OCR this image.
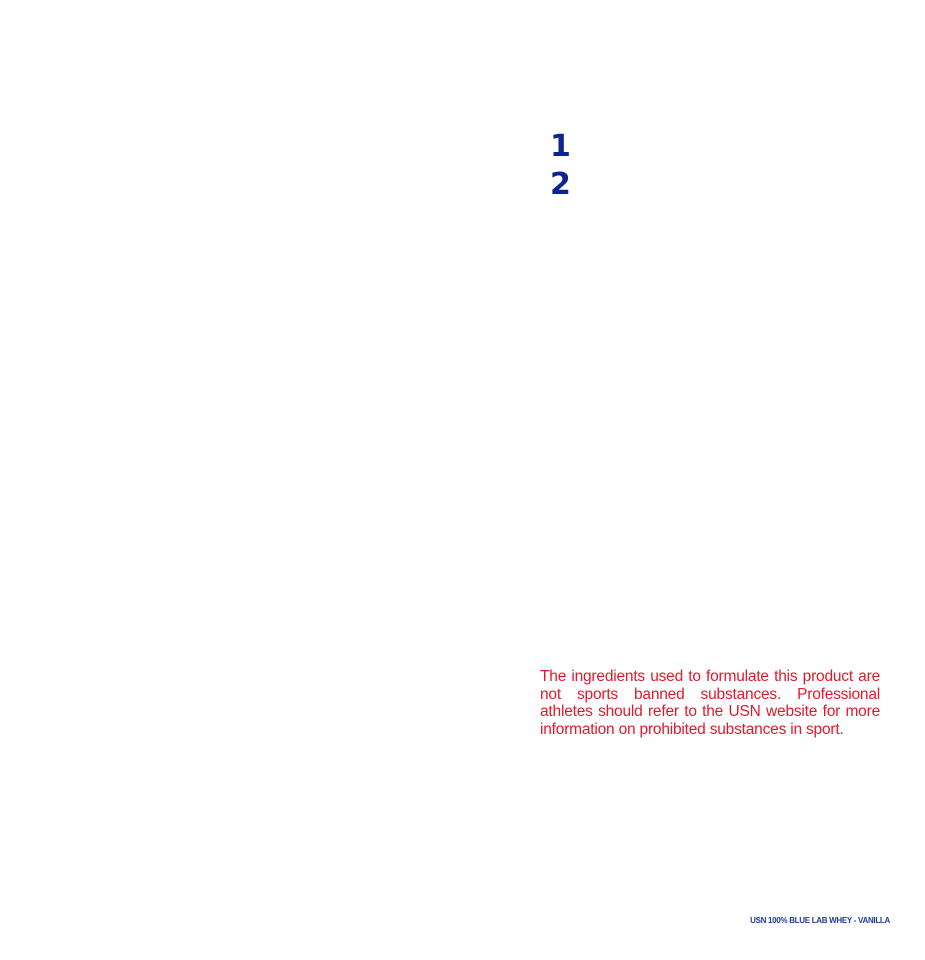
1
2

The ingredients used to formulate this product are not sports banned substances. Professional athletes should refer to the USN website for more information on prohibited substances in sport.

USN 100% BLUE LAB WHEY - VANILLA
